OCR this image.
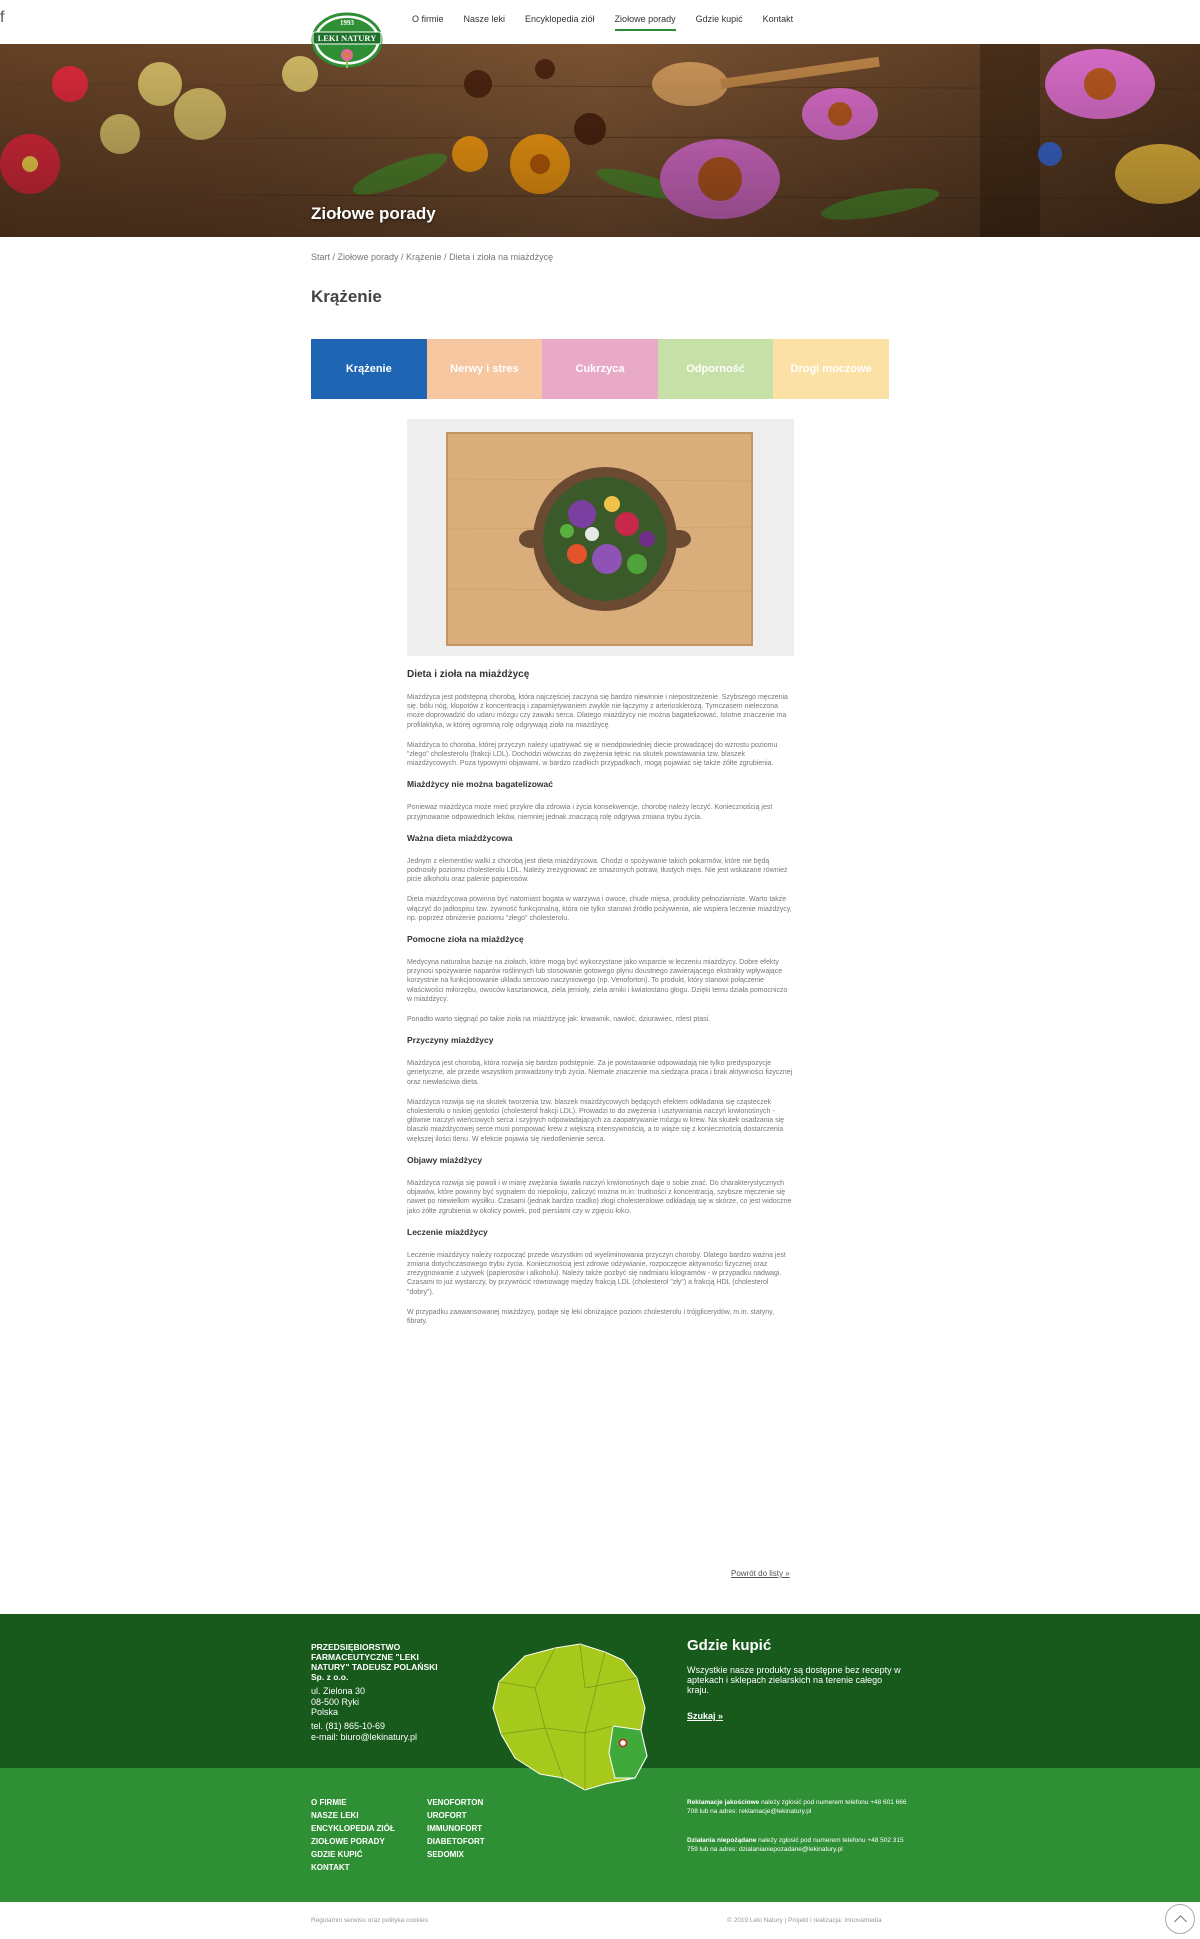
1993
LEKI NATURY
O firmie Nasze leki Encyklopedia ziół Ziołowe porady Gdzie kupić Kontakt
f
Ziołowe porady
Start / Ziołowe porady / Krążenie / Dieta i zioła na miażdżycę
Krążenie
Krążenie	Nerwy i stres	Cukrzyca	Odporność	Drogi moczowe
Dieta i zioła na miażdżycę

Miażdżyca jest podstępną chorobą, która najczęściej zaczyna się bardzo niewinnie i niepostrzeżenie. Szybszego męczenia się, bólu nóg, kłopotów z koncentracją i zapamiętywaniem zwykle nie łączymy z arteriosklerozą. Tymczasem nieleczona może doprowadzić do udaru mózgu czy zawału serca. Dlatego miażdżycy nie można bagatelizować. Istotne znaczenie ma profilaktyka, w której ogromną rolę odgrywają zioła na miażdżycę.

Miażdżyca to choroba, której przyczyn należy upatrywać się w nieodpowiedniej diecie prowadzącej do wzrostu poziomu "złego" cholesterolu (frakcji LDL). Dochodzi wówczas do zwężenia tętnic na skutek powstawania tzw. blaszek miażdżycowych. Poza typowymi objawami, w bardzo rzadkich przypadkach, mogą pojawiać się także żółte zgrubienia.

Miażdżycy nie można bagatelizować

Ponieważ miażdżyca może mieć przykre dla zdrowia i życia konsekwencje, chorobę należy leczyć. Koniecznością jest przyjmowanie odpowiednich leków, niemniej jednak znaczącą rolę odgrywa zmiana trybu życia.

Ważna dieta miażdżycowa

Jednym z elementów walki z chorobą jest dieta miażdżycowa. Chodzi o spożywanie takich pokarmów, które nie będą podnosiły poziomu cholesterolu LDL. Należy zrezygnować ze smażonych potraw, tłustych mięs. Nie jest wskazane również picie alkoholu oraz palenie papierosów.

Dieta miażdżycowa powinna być natomiast bogata w warzywa i owoce, chude mięsa, produkty pełnoziarniste. Warto także włączyć do jadłospisu tzw. żywność funkcjonalną, która nie tylko stanowi źródło pożywienia, ale wspiera leczenie miażdżycy, np. poprzez obniżenie poziomu "złego" cholesterolu.

Pomocne zioła na miażdżycę

Medycyna naturalna bazuje na ziołach, które mogą być wykorzystane jako wsparcie w leczeniu miażdżycy. Dobre efekty przynosi spożywanie naparów roślinnych lub stosowanie gotowego płynu doustnego zawierającego ekstrakty wpływające korzystnie na funkcjonowanie układu sercowo naczyniowego (np. Venoforton). To produkt, który stanowi połączenie właściwości miłorzębu, owoców kasztanowca, ziela jemioły, ziela arniki i kwiatostanu głogu. Dzięki temu działa pomocniczo w miażdżycy.

Ponadto warto sięgnąć po takie zioła na miażdżycę jak: krwawnik, nawłoć, dziurawiec, rdest ptasi.

Przyczyny miażdżycy

Miażdżyca jest chorobą, która rozwija się bardzo podstępnie. Za je powstawanie odpowiadają nie tylko predyspozycje genetyczne, ale przede wszystkim prowadzony tryb życia. Niemałe znaczenie ma siedząca praca i brak aktywności fizycznej oraz niewłaściwa dieta.

Miażdżyca rozwija się na skutek tworzenia tzw. blaszek miażdżycowych będących efektem odkładania się cząsteczek cholesterolu o niskiej gęstości (cholesterol frakcji LDL). Prowadzi to do zwężenia i usztywniania naczyń krwionośnych - głównie naczyń wieńcowych serca i szyjnych odpowiadających za zaopatrywanie mózgu w krew. Na skutek osadzania się blaszki miażdżycowej serce musi pompować krew z większą intensywnością, a to wiąże się z koniecznością dostarczenia większej ilości tlenu. W efekcie pojawia się niedotlenienie serca.

Objawy miażdżycy

Miażdżyca rozwija się powoli i w miarę zwężania światła naczyń krwionośnych daje o sobie znać. Do charakterystycznych objawów, które powinny być sygnałem do niepokoju, zaliczyć można m.in: trudności z koncentracją, szybsze męczenie się nawet po niewielkim wysiłku. Czasami (jednak bardzo rzadko) złogi cholesterolowe odkładają się w skórze, co jest widoczne jako żółte zgrubienia w okolicy powiek, pod piersiami czy w zgięciu łokci.

Leczenie miażdżycy

Leczenie miażdżycy należy rozpocząć przede wszystkim od wyeliminowania przyczyn choroby. Dlatego bardzo ważna jest zmiana dotychczasowego trybu życia. Koniecznością jest zdrowe odżywianie, rozpoczęcie aktywności fizycznej oraz zrezygnowanie z używek (papierosów i alkoholu). Należy także pozbyć się nadmiaru kilogramów - w przypadku nadwagi. Czasami to już wystarczy, by przywrócić równowagę między frakcją LDL (cholesterol "zły") a frakcją HDL (cholesterol "dobry").

W przypadku zaawansowanej miażdżycy, podaje się leki obniżające poziom cholesterolu i trójglicerydów, m.in. statyny, fibraty.

Powrót do listy »
PRZEDSIĘBIORSTWO FARMACEUTYCZNE "LEKI NATURY" TADEUSZ POLAŃSKI Sp. z o.o.
ul. Zielona 30
08-500 Ryki
Polska
tel. (81) 865-10-69
e-mail: biuro@lekinatury.pl
Gdzie kupić
Wszystkie nasze produkty są dostępne bez recepty w aptekach i sklepach zielarskich na terenie całego kraju.
Szukaj »
O FIRMIE
NASZE LEKI
ENCYKLOPEDIA ZIÓŁ
ZIOŁOWE PORADY
GDZIE KUPIĆ
KONTAKT
VENOFORTON
UROFORT
IMMUNOFORT
DIABETOFORT
SEDOMIX
Reklamacje jakościowe należy zgłosić pod numerem telefonu +48 601 666 708 lub na adres: reklamacje@lekinatury.pl
Działania niepożądane należy zgłosić pod numerem telefonu +48 502 315 759 lub na adres: dzialanianiepozadane@lekinatury.pl
Regulamin serwisu oraz polityka cookies	© 2019 Leki Natury | Projekt i realizacja: Innovamedia
